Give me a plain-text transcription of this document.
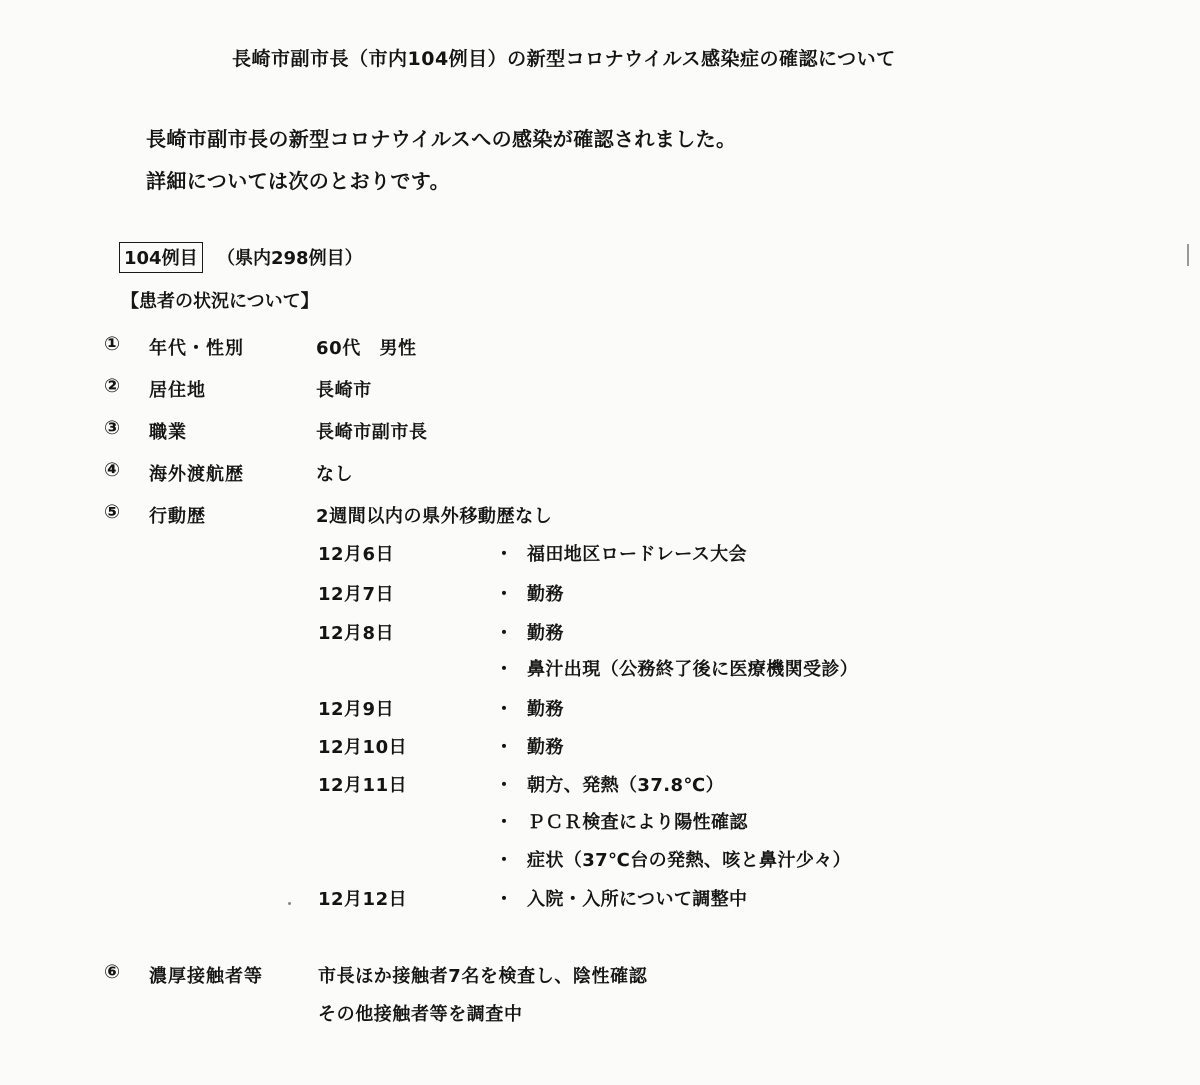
長崎市副市長（市内104例目）の新型コロナウイルス感染症の確認について
長崎市副市長の新型コロナウイルスへの感染が確認されました。
詳細については次のとおりです。
104例目 （県内298例目）
【患者の状況について】
① 年代・性別	60代　男性
② 居住地	長崎市
③ 職業	長崎市副市長
④ 海外渡航歴	なし
⑤ 行動歴	2週間以内の県外移動歴なし
12月6日	・ 福田地区ロードレース大会
12月7日	・ 勤務
12月8日	・ 勤務
・ 鼻汁出現（公務終了後に医療機関受診）
12月9日	・ 勤務
12月10日	・ 勤務
12月11日	・ 朝方、発熱（37.8℃）
・ ＰＣＲ検査により陽性確認
・ 症状（37℃台の発熱、咳と鼻汁少々）
12月12日	・ 入院・入所について調整中
⑥ 濃厚接触者等	市長ほか接触者7名を検査し、陰性確認
その他接触者等を調査中
